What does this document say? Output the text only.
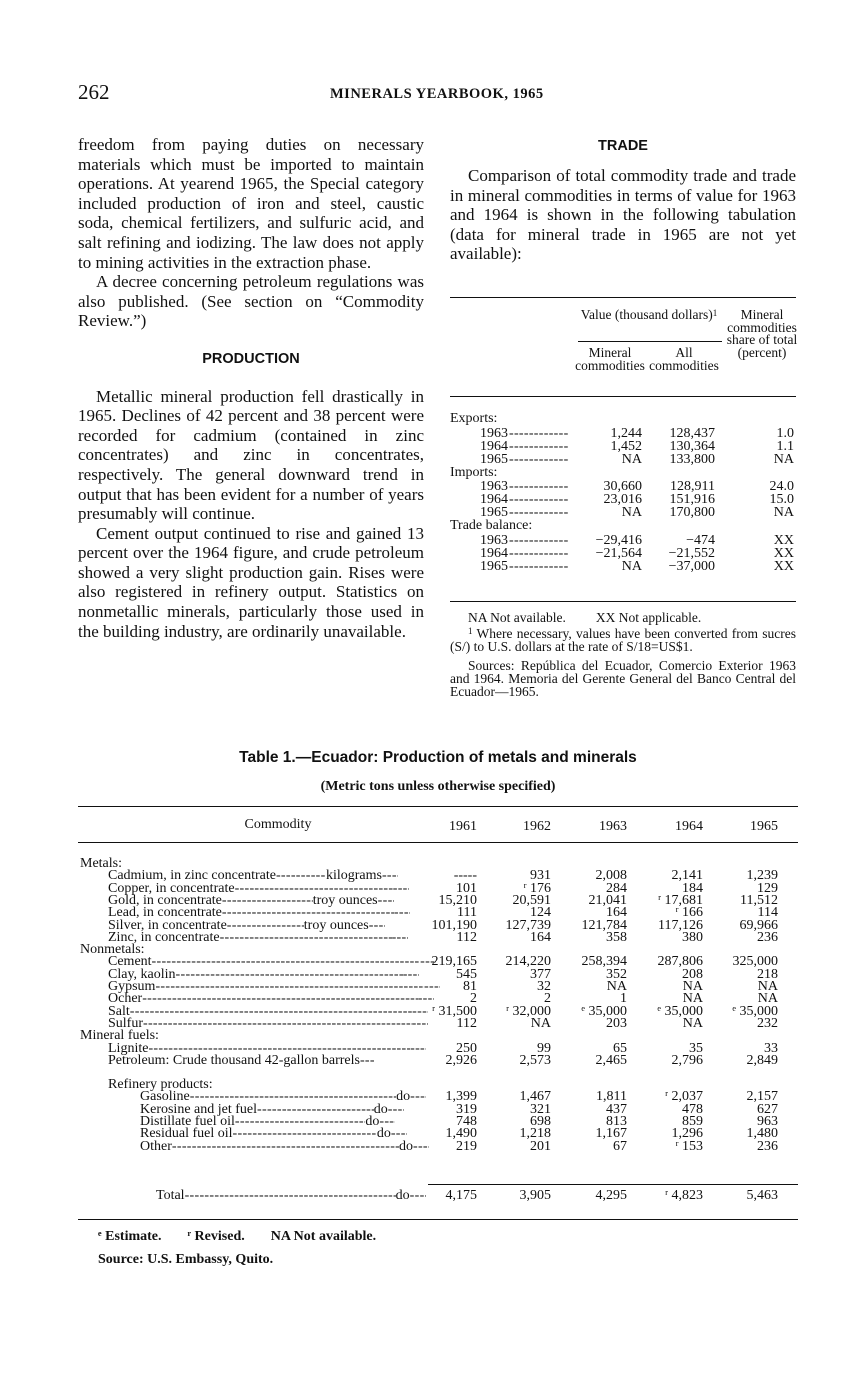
262	MINERALS YEARBOOK, 1965

freedom from paying duties on necessary materials which must be imported to maintain operations. At yearend 1965, the Special category included production of iron and steel, caustic soda, chemical fertilizers, and sulfuric acid, and salt refining and iodizing. The law does not apply to mining activities in the extraction phase.

A decree concerning petroleum regulations was also published. (See section on “Commodity Review.”)

PRODUCTION

Metallic mineral production fell drastically in 1965. Declines of 42 percent and 38 percent were recorded for cadmium (contained in zinc concentrates) and zinc in concentrates, respectively. The general downward trend in output that has been evident for a number of years presumably will continue.

Cement output continued to rise and gained 13 percent over the 1964 figure, and crude petroleum showed a very slight production gain. Rises were also registered in refinery output. Statistics on nonmetallic minerals, particularly those used in the building industry, are ordinarily unavailable.

TRADE

Comparison of total commodity trade and trade in mineral commodities in terms of value for 1963 and 1964 is shown in the following tabulation (data for mineral trade in 1965 are not yet available):

Value (thousand dollars)$^1$	Mineral commodities share of total (percent)
Mineral commodities
All commodities
Exports:
1963 - - -	1,244 128,437	1.0
1964 - - -	1,452 130,364	1.1
1965 - - -	NA 133,800	NA
Imports:
1963 - - -	30,660 128,911	24.0
1964 - - -	23,016 151,916	15.0
1965 - - -	NA 170,800	NA
Trade balance:
1963 - - -	−29,416	−474	XX
1964 - - -	−21,564 −21,552	XX
1965 - - -	NA −37,000	XX
NA Not available. XX Not applicable.
$^1$ Where necessary, values have been converted from sucres (S/) to U.S. dollars at the rate of S/18=US$1.
Sources: República del Ecuador, Comercio Exterior 1963 and 1964. Memoria del Gerente General del Banco Central del Ecuador—1965.
Table 1.—Ecuador: Production of metals and minerals
(Metric tons unless otherwise specified)
Commodity	1961	1962	1963	1964	1965
Metals:
Cadmium, in zinc concentrate - - -	kilograms - - -	-----	931	2,008	2,141	1,239
Copper, in concentrate - - - - - -	101	ʳ 176	284	184	129
Gold, in concentrate - - -	troy ounces - - -	15,210	20,591	21,041 ʳ 17,681	11,512
Lead, in concentrate - - - - - -	111	124	164	ʳ 166	114
Silver, in concentrate - - -	troy ounces - - -	101,190 127,739 121,784 117,126	69,966
Zinc, in concentrate - - - - - -	112	164	358	380	236
Nonmetals:
Cement - - - - - -	219,165 214,220 258,394 287,806 325,000
Clay, kaolin - - - - - -	545	377	352	208	218
Gypsum - - - - - -	81	32	NA	NA	NA
Ocher - - - - - -	2	2	1	NA	NA
Salt - - - - - -	ʳ 31,500 ʳ 32,000 ᵉ 35,000 ᵉ 35,000 ᵉ 35,000
Sulfur - - - - - -	112	NA	203	NA	232
Mineral fuels:
Lignite - - - - - -	250	99	65	35	33
Petroleum: Crude thousand 42-gallon barrels - - -	2,926	2,573	2,465	2,796	2,849
Refinery products:
Gasoline - - -	do - - -	1,399	1,467	1,811	ʳ 2,037	2,157
Kerosine and jet fuel - - -	do - - -	319	321	437	478	627
Distillate fuel oil - - -	do - - -	748	698	813	859	963
Residual fuel oil - - -	do - - -	1,490	1,218	1,167	1,296	1,480
Other - - -	do - - -	219	201	67	ʳ 153	236
Total - - -	do - - -	4,175	3,905	4,295	ʳ 4,823	5,463
ᵉ Estimate. ʳ Revised. NA Not available.
Source: U.S. Embassy, Quito.
